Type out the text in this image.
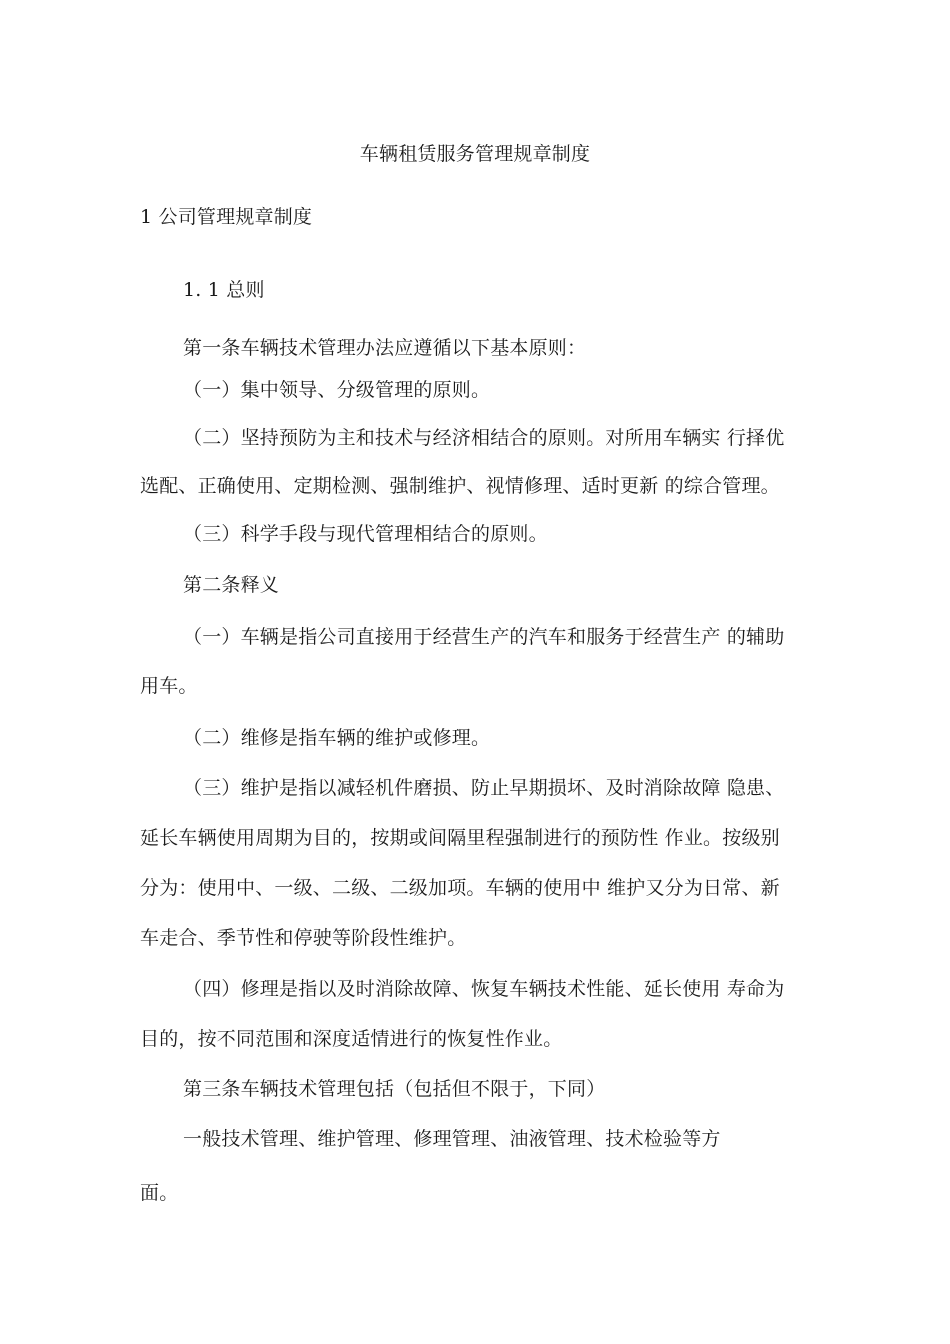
车辆租赁服务管理规章制度
1 公司管理规章制度
1. 1 总则
第一条车辆技术管理办法应遵循以下基本原则：
（一）集中领导、分级管理的原则。
（二）坚持预防为主和技术与经济相结合的原则。对所用车辆实 行择优
选配、正确使用、定期检测、强制维护、视情修理、适时更新 的综合管理。
（三）科学手段与现代管理相结合的原则。
第二条释义
（一）车辆是指公司直接用于经营生产的汽车和服务于经营生产 的辅助
用车。
（二）维修是指车辆的维护或修理。
（三）维护是指以减轻机件磨损、防止早期损坏、及时消除故障 隐患、
延长车辆使用周期为目的，按期或间隔里程强制进行的预防性 作业。按级别
分为：使用中、一级、二级、二级加项。车辆的使用中 维护又分为日常、新
车走合、季节性和停驶等阶段性维护。
（四）修理是指以及时消除故障、恢复车辆技术性能、延长使用 寿命为
目的，按不同范围和深度适情进行的恢复性作业。
第三条车辆技术管理包括（包括但不限于，下同）
一般技术管理、维护管理、修理管理、油液管理、技术检验等方
面。
